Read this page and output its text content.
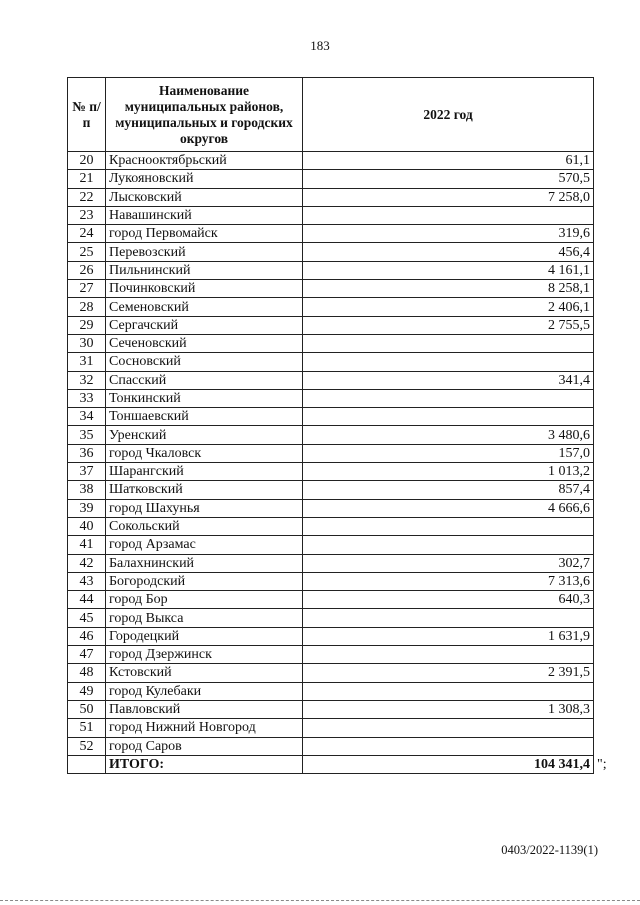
183
№ п/п	Наименование муниципальных районов, муниципальных и городских округов	2022 год
20	Краснооктябрьский	61,1
21	Лукояновский	570,5
22	Лысковский	7 258,0
23	Навашинский	
24	город Первомайск	319,6
25	Перевозский	456,4
26	Пильнинский	4 161,1
27	Починковский	8 258,1
28	Семеновский	2 406,1
29	Сергачский	2 755,5
30	Сеченовский	
31	Сосновский	
32	Спасский	341,4
33	Тонкинский	
34	Тоншаевский	
35	Уренский	3 480,6
36	город Чкаловск	157,0
37	Шарангский	1 013,2
38	Шатковский	857,4
39	город Шахунья	4 666,6
40	Сокольский	
41	город Арзамас	
42	Балахнинский	302,7
43	Богородский	7 313,6
44	город Бор	640,3
45	город Выкса	
46	Городецкий	1 631,9
47	город Дзержинск	
48	Кстовский	2 391,5
49	город Кулебаки	
50	Павловский	1 308,3
51	город Нижний Новгород	
52	город Саров	
	ИТОГО:	104 341,4 ";
0403/2022-1139(1)
